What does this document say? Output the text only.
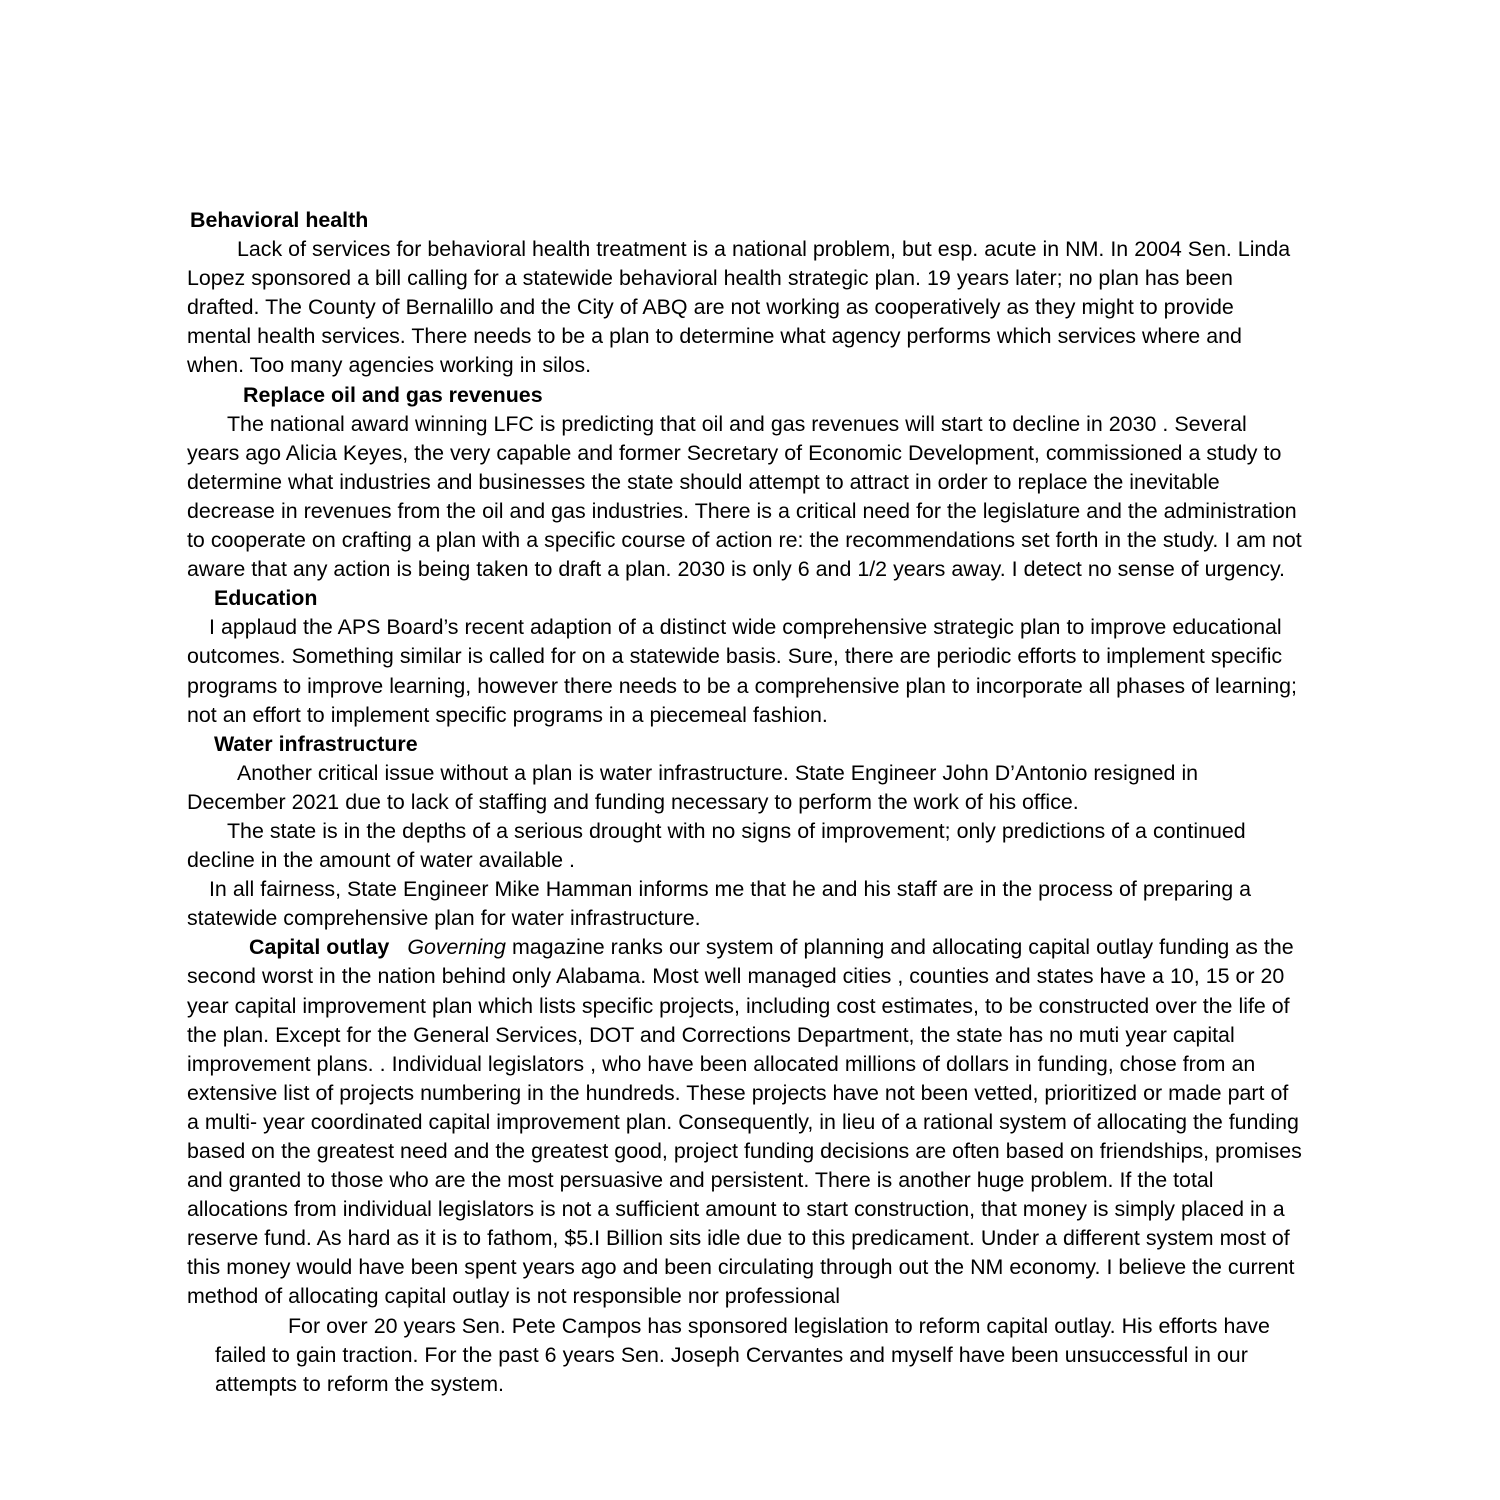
Behavioral health

Lack of services for behavioral health treatment is a national problem, but esp. acute in NM. In 2004 Sen. Linda Lopez sponsored a bill calling for a statewide behavioral health strategic plan. 19 years later; no plan has been drafted. The County of Bernalillo and the City of ABQ are not working as cooperatively as they might to provide mental health services. There needs to be a plan to determine what agency performs which services where and when. Too many agencies working in silos.

Replace oil and gas revenues

The national award winning LFC is predicting that oil and gas revenues will start to decline in 2030 . Several years ago Alicia Keyes, the very capable and former Secretary of Economic Development, commissioned a study to determine what industries and businesses the state should attempt to attract in order to replace the inevitable decrease in revenues from the oil and gas industries. There is a critical need for the legislature and the administration to cooperate on crafting a plan with a specific course of action re: the recommendations set forth in the study. I am not aware that any action is being taken to draft a plan. 2030 is only 6 and 1/2 years away. I detect no sense of urgency.

Education

I applaud the APS Board’s recent adaption of a distinct wide comprehensive strategic plan to improve educational outcomes. Something similar is called for on a statewide basis. Sure, there are periodic efforts to implement specific programs to improve learning, however there needs to be a comprehensive plan to incorporate all phases of learning; not an effort to implement specific programs in a piecemeal fashion.

Water infrastructure

Another critical issue without a plan is water infrastructure. State Engineer John D’Antonio resigned in December 2021 due to lack of staffing and funding necessary to perform the work of his office.

The state is in the depths of a serious drought with no signs of improvement; only predictions of a continued decline in the amount of water available .

In all fairness, State Engineer Mike Hamman informs me that he and his staff are in the process of preparing a statewide comprehensive plan for water infrastructure.

Capital outlay Governing magazine ranks our system of planning and allocating capital outlay funding as the second worst in the nation behind only Alabama. Most well managed cities , counties and states have a 10, 15 or 20 year capital improvement plan which lists specific projects, including cost estimates, to be constructed over the life of the plan. Except for the General Services, DOT and Corrections Department, the state has no muti year capital improvement plans. . Individual legislators , who have been allocated millions of dollars in funding, chose from an extensive list of projects numbering in the hundreds. These projects have not been vetted, prioritized or made part of a multi- year coordinated capital improvement plan. Consequently, in lieu of a rational system of allocating the funding based on the greatest need and the greatest good, project funding decisions are often based on friendships, promises and granted to those who are the most persuasive and persistent. There is another huge problem. If the total allocations from individual legislators is not a sufficient amount to start construction, that money is simply placed in a reserve fund. As hard as it is to fathom, $5.I Billion sits idle due to this predicament. Under a different system most of this money would have been spent years ago and been circulating through out the NM economy. I believe the current method of allocating capital outlay is not responsible nor professional

For over 20 years Sen. Pete Campos has sponsored legislation to reform capital outlay. His efforts have failed to gain traction. For the past 6 years Sen. Joseph Cervantes and myself have been unsuccessful in our attempts to reform the system.
